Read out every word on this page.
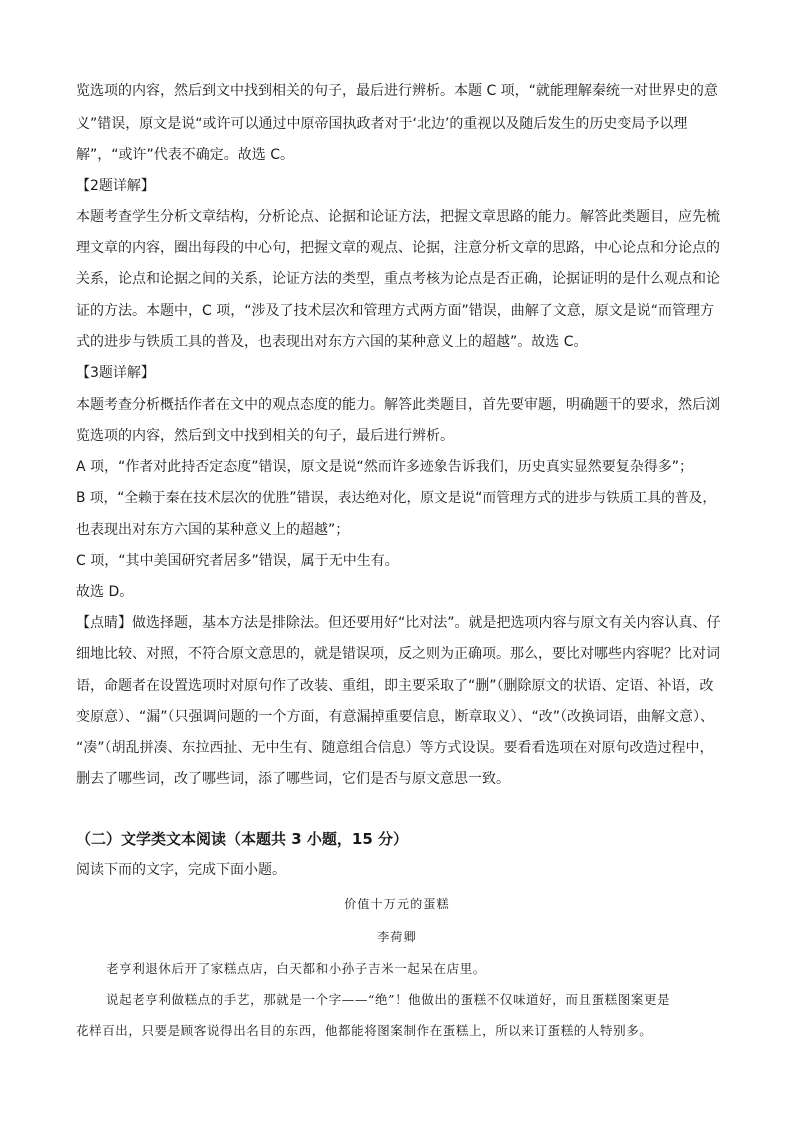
览选项的内容，然后到文中找到相关的句子，最后进行辨析。本题 C 项，“就能理解秦统一对世界史的意
义”错误，原文是说“或许可以通过中原帝国执政者对于‘北边’的重视以及随后发生的历史变局予以理
解”，“或许”代表不确定。故选 C。
【2题详解】
本题考查学生分析文章结构，分析论点、论据和论证方法，把握文章思路的能力。解答此类题目，应先梳
理文章的内容，圈出每段的中心句，把握文章的观点、论据，注意分析文章的思路，中心论点和分论点的
关系，论点和论据之间的关系，论证方法的类型，重点考核为论点是否正确，论据证明的是什么观点和论
证的方法。本题中，C 项，“涉及了技术层次和管理方式两方面”错误，曲解了文意，原文是说“而管理方
式的进步与铁质工具的普及，也表现出对东方六国的某种意义上的超越”。故选 C。
【3题详解】
本题考查分析概括作者在文中的观点态度的能力。解答此类题目，首先要审题，明确题干的要求，然后浏
览选项的内容，然后到文中找到相关的句子，最后进行辨析。
A 项，“作者对此持否定态度”错误，原文是说“然而许多迹象告诉我们，历史真实显然要复杂得多”；
B 项，“全赖于秦在技术层次的优胜”错误，表达绝对化，原文是说“而管理方式的进步与铁质工具的普及，
也表现出对东方六国的某种意义上的超越”；
C 项，“其中美国研究者居多”错误，属于无中生有。
故选 D。
【点睛】做选择题，基本方法是排除法。但还要用好“比对法”。就是把选项内容与原文有关内容认真、仔
细地比较、对照，不符合原文意思的，就是错误项，反之则为正确项。那么，要比对哪些内容呢？比对词
语，命题者在设置选项时对原句作了改装、重组，即主要采取了“删”（删除原文的状语、定语、补语，改
变原意）、“漏”（只强调问题的一个方面，有意漏掉重要信息，断章取义）、“改”（改换词语，曲解文意）、
“凑”（胡乱拼凑、东拉西扯、无中生有、随意组合信息）等方式设误。要看看选项在对原句改造过程中，
删去了哪些词，改了哪些词，添了哪些词，它们是否与原文意思一致。
（二）文学类文本阅读（本题共 3 小题，15 分）
阅读下而的文字，完成下面小题。
价值十万元的蛋糕
李荷卿
老亨利退休后开了家糕点店，白天都和小孙子吉米一起呆在店里。
说起老亨利做糕点的手艺，那就是一个字——“绝”！他做出的蛋糕不仅味道好，而且蛋糕图案更是
花样百出，只要是顾客说得出名目的东西，他都能将图案制作在蛋糕上，所以来订蛋糕的人特别多。
